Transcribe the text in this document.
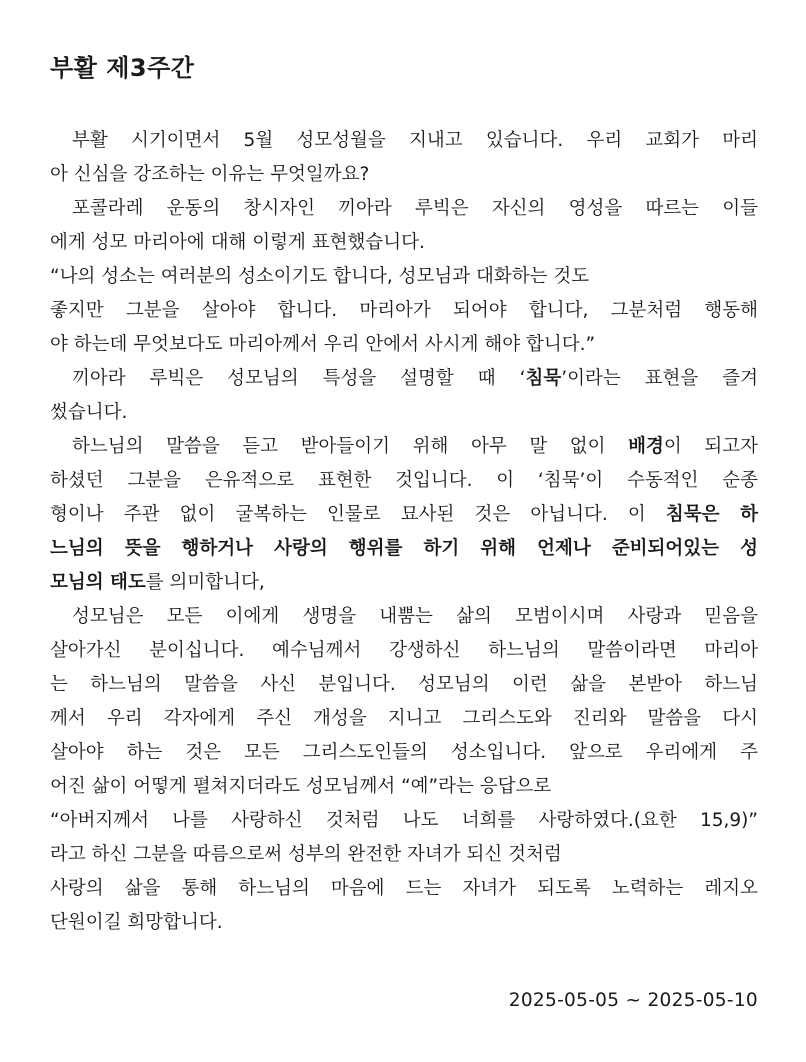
부활 제3주간
부활 시기이면서 5월 성모성월을 지내고 있습니다. 우리 교회가 마리
아 신심을 강조하는 이유는 무엇일까요?
포콜라레 운동의 창시자인 끼아라 루빅은 자신의 영성을 따르는 이들
에게 성모 마리아에 대해 이렇게 표현했습니다.
“나의 성소는 여러분의 성소이기도 합니다, 성모님과 대화하는 것도
좋지만 그분을 살아야 합니다. 마리아가 되어야 합니다, 그분처럼 행동해
야 하는데 무엇보다도 마리아께서 우리 안에서 사시게 해야 합니다.”
끼아라 루빅은 성모님의 특성을 설명할 때 ‘침묵’이라는 표현을 즐겨
썼습니다.
하느님의 말씀을 듣고 받아들이기 위해 아무 말 없이 배경이 되고자
하셨던 그분을 은유적으로 표현한 것입니다. 이 ‘침묵’이 수동적인 순종
형이나 주관 없이 굴복하는 인물로 묘사된 것은 아닙니다. 이 침묵은 하
느님의 뜻을 행하거나 사랑의 행위를 하기 위해 언제나 준비되어있는 성
모님의 태도를 의미합니다,
성모님은 모든 이에게 생명을 내뿜는 삶의 모범이시며 사랑과 믿음을
살아가신 분이십니다. 예수님께서 강생하신 하느님의 말씀이라면 마리아
는 하느님의 말씀을 사신 분입니다. 성모님의 이런 삶을 본받아 하느님
께서 우리 각자에게 주신 개성을 지니고 그리스도와 진리와 말씀을 다시
살아야 하는 것은 모든 그리스도인들의 성소입니다. 앞으로 우리에게 주
어진 삶이 어떻게 펼쳐지더라도 성모님께서 “예”라는 응답으로
“아버지께서 나를 사랑하신 것처럼 나도 너희를 사랑하였다.(요한 15,9)”
라고 하신 그분을 따름으로써 성부의 완전한 자녀가 되신 것처럼
사랑의 삶을 통해 하느님의 마음에 드는 자녀가 되도록 노력하는 레지오
단원이길 희망합니다.
2025-05-05 ~ 2025-05-10
